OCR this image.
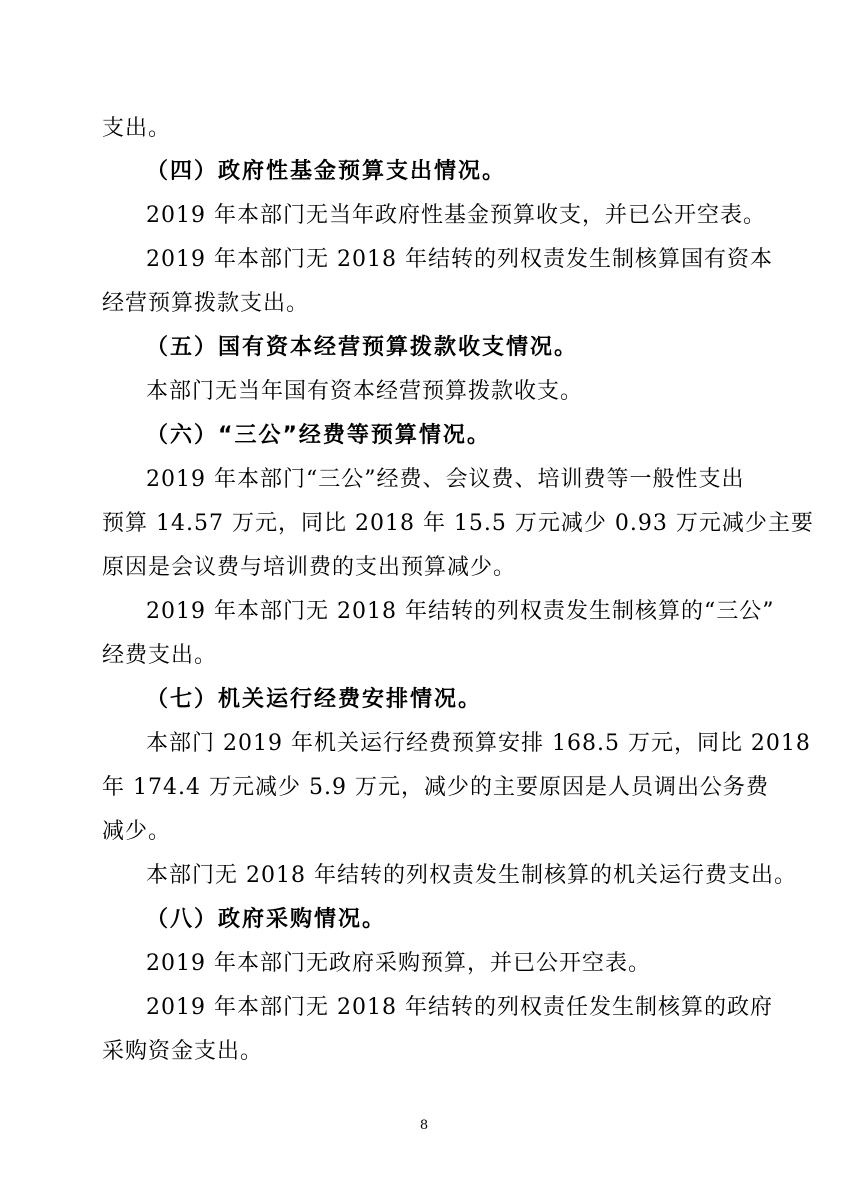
支出。
（四）政府性基金预算支出情况。
2019 年本部门无当年政府性基金预算收支，并已公开空表。
2019 年本部门无 2018 年结转的列权责发生制核算国有资本
经营预算拨款支出。
（五）国有资本经营预算拨款收支情况。
本部门无当年国有资本经营预算拨款收支。
（六）“三公”经费等预算情况。
2019 年本部门“三公”经费、会议费、培训费等一般性支出
预算 14.57 万元，同比 2018 年 15.5 万元减少 0.93 万元减少主要
原因是会议费与培训费的支出预算减少。
2019 年本部门无 2018 年结转的列权责发生制核算的“三公”
经费支出。
（七）机关运行经费安排情况。
本部门 2019 年机关运行经费预算安排 168.5 万元，同比 2018
年 174.4 万元减少 5.9 万元，减少的主要原因是人员调出公务费
减少。
本部门无 2018 年结转的列权责发生制核算的机关运行费支出。
（八）政府采购情况。
2019 年本部门无政府采购预算，并已公开空表。
2019 年本部门无 2018 年结转的列权责任发生制核算的政府
采购资金支出。
8
